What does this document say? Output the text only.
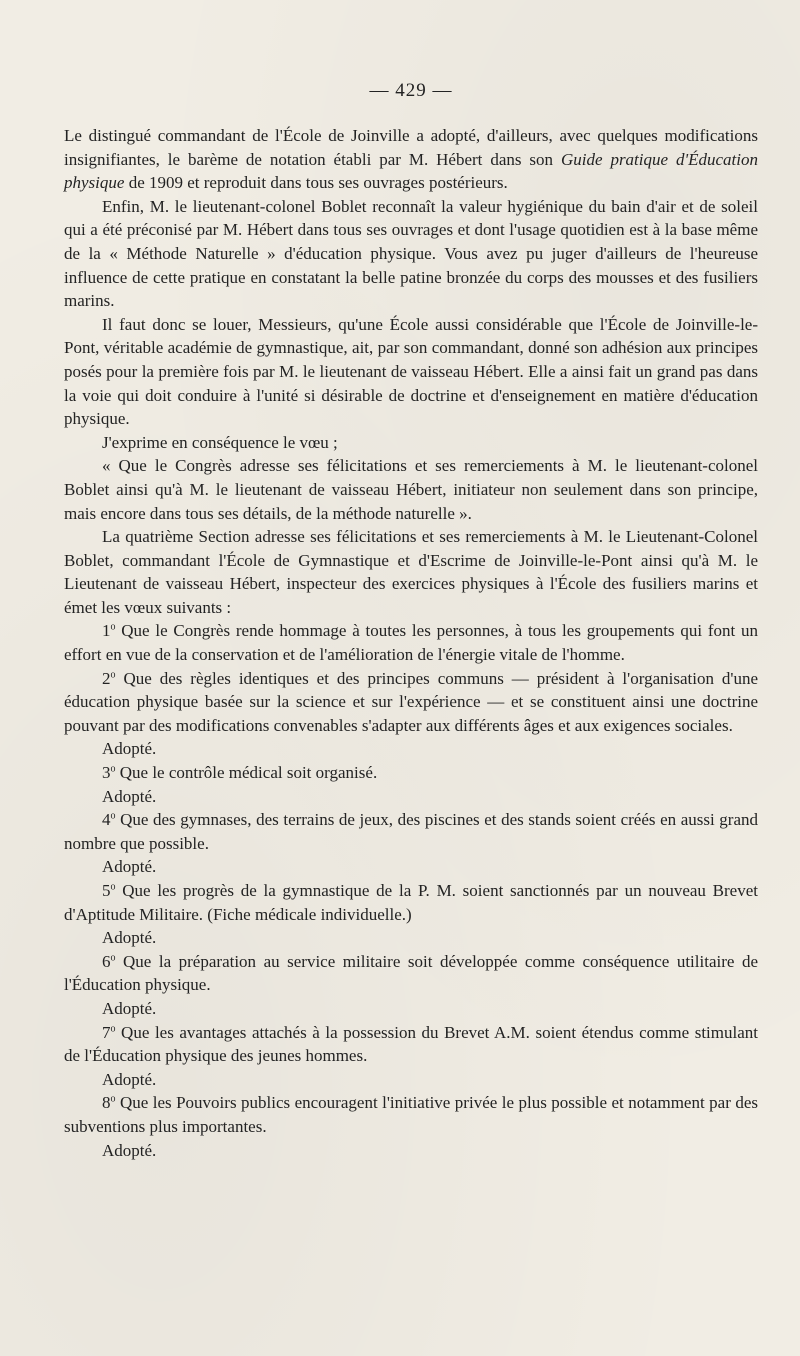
— 429 —

Le distingué commandant de l'École de Joinville a adopté, d'ailleurs, avec quelques modifications insignifiantes, le barème de notation établi par M. Hébert dans son Guide pratique d'Éducation physique de 1909 et reproduit dans tous ses ouvrages postérieurs.

Enfin, M. le lieutenant-colonel Boblet reconnaît la valeur hygiénique du bain d'air et de soleil qui a été préconisé par M. Hébert dans tous ses ouvrages et dont l'usage quotidien est à la base même de la « Méthode Naturelle » d'éducation physique. Vous avez pu juger d'ailleurs de l'heureuse influence de cette pratique en constatant la belle patine bronzée du corps des mousses et des fusiliers marins.

Il faut donc se louer, Messieurs, qu'une École aussi considérable que l'École de Joinville-le-Pont, véritable académie de gymnastique, ait, par son commandant, donné son adhésion aux principes posés pour la première fois par M. le lieutenant de vaisseau Hébert. Elle a ainsi fait un grand pas dans la voie qui doit conduire à l'unité si désirable de doctrine et d'enseignement en matière d'éducation physique.

J'exprime en conséquence le vœu ;

« Que le Congrès adresse ses félicitations et ses remerciements à M. le lieutenant-colonel Boblet ainsi qu'à M. le lieutenant de vaisseau Hébert, initiateur non seulement dans son principe, mais encore dans tous ses détails, de la méthode naturelle ».

La quatrième Section adresse ses félicitations et ses remerciements à M. le Lieutenant-Colonel Boblet, commandant l'École de Gymnastique et d'Escrime de Joinville-le-Pont ainsi qu'à M. le Lieutenant de vaisseau Hébert, inspecteur des exercices physiques à l'École des fusiliers marins et émet les vœux suivants :

1$^o$ Que le Congrès rende hommage à toutes les personnes, à tous les groupements qui font un effort en vue de la conservation et de l'amélioration de l'énergie vitale de l'homme.

2$^o$ Que des règles identiques et des principes communs — président à l'organisation d'une éducation physique basée sur la science et sur l'expérience — et se constituent ainsi une doctrine pouvant par des modifications convenables s'adapter aux différents âges et aux exigences sociales.

Adopté.

3$^o$ Que le contrôle médical soit organisé.

Adopté.

4$^o$ Que des gymnases, des terrains de jeux, des piscines et des stands soient créés en aussi grand nombre que possible.

Adopté.

5$^o$ Que les progrès de la gymnastique de la P. M. soient sanctionnés par un nouveau Brevet d'Aptitude Militaire. (Fiche médicale individuelle.)

Adopté.

6$^o$ Que la préparation au service militaire soit développée comme conséquence utilitaire de l'Éducation physique.

Adopté.

7$^o$ Que les avantages attachés à la possession du Brevet A.M. soient étendus comme stimulant de l'Éducation physique des jeunes hommes.

Adopté.

8$^o$ Que les Pouvoirs publics encouragent l'initiative privée le plus possible et notamment par des subventions plus importantes.

Adopté.
